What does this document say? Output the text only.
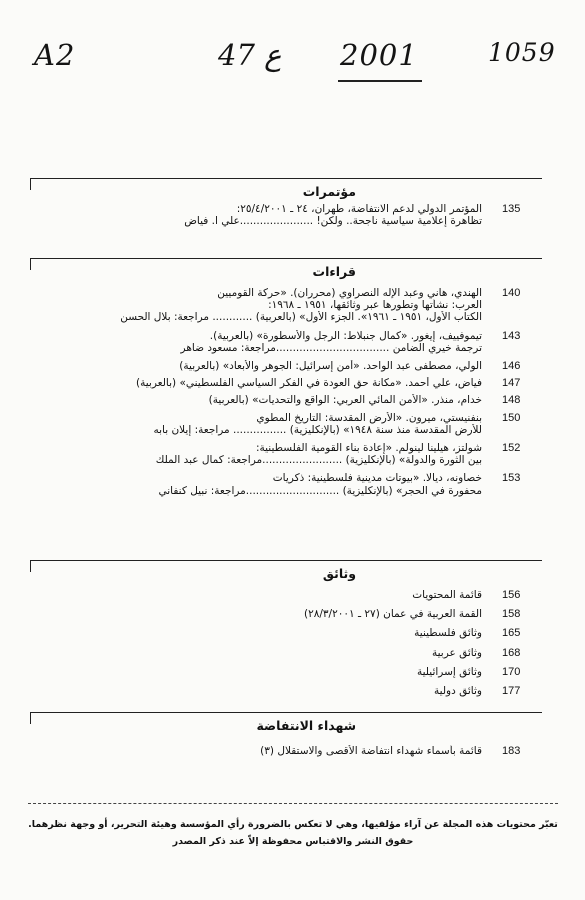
A2	47 ع 2001	1059
مؤتمرات
135
المؤتمر الدولي لدعم الانتفاضة، طهران، ٢٤ ـ ٢٥/٤/٢٠٠١:
تظاهرة إعلامية سياسية ناجحة.. ولكن! ......................علي ا. فياض
قراءات
140
الهندي، هاني وعبد الإله النصراوي (محرران). «حركة القوميين
العرب: نشأتها وتطورها عبر وثائقها، ١٩٥١ ـ ١٩٦٨:
الكتاب الأول، ١٩٥١ ـ ١٩٦١». الجزء الأول» (بالعربية) ............ مراجعة: بلال الحسن
143
تيموفييف، إيغور. «كمال جنبلاط: الرجل والأسطورة» (بالعربية).
ترجمة خيري الضامن ..................................مراجعة: مسعود ضاهر
146
الولي، مصطفى عبد الواحد. «أمن إسرائيل: الجوهر والأبعاد» (بالعربية)
147
فياض، علي أحمد. «مكانة حق العودة في الفكر السياسي الفلسطيني» (بالعربية)
148
خدام، منذر. «الأمن المائي العربي: الواقع والتحديات» (بالعربية)
150
بنفنيستي، ميرون. «الأرض المقدسة: التاريخ المطوي
للأرض المقدسة منذ سنة ١٩٤٨» (بالإنكليزية) ................ مراجعة: إيلان بابه
152
شولتز، هيلينا لينولم. «إعادة بناء القومية الفلسطينية:
بين الثورة والدولة» (بالإنكليزية) ........................مراجعة: كمال عبد الملك
153
خصاونه، ديالا. «بيوتات مدينية فلسطينية: ذكريات
محفورة في الحجر» (بالإنكليزية) ............................مراجعة: نبيل كنفاني
وثائق
156
قائمة المحتويات
158
القمة العربية في عمان (٢٧ ـ ٢٨/٣/٢٠٠١)
165
وثائق فلسطينية
168
وثائق عربية
170
وثائق إسرائيلية
177
وثائق دولية
شهداء الانتفاضة
183
قائمة بأسماء شهداء انتفاضة الأقصى والاستقلال (٣)
تعبّر محتويات هذه المجلة عن آراء مؤلفيها، وهي لا تعكس بالضرورة رأي المؤسسة وهيئة التحرير، أو وجهة نظرهما.
حقوق النشر والاقتباس محفوظة إلاّ عند ذكر المصدر
